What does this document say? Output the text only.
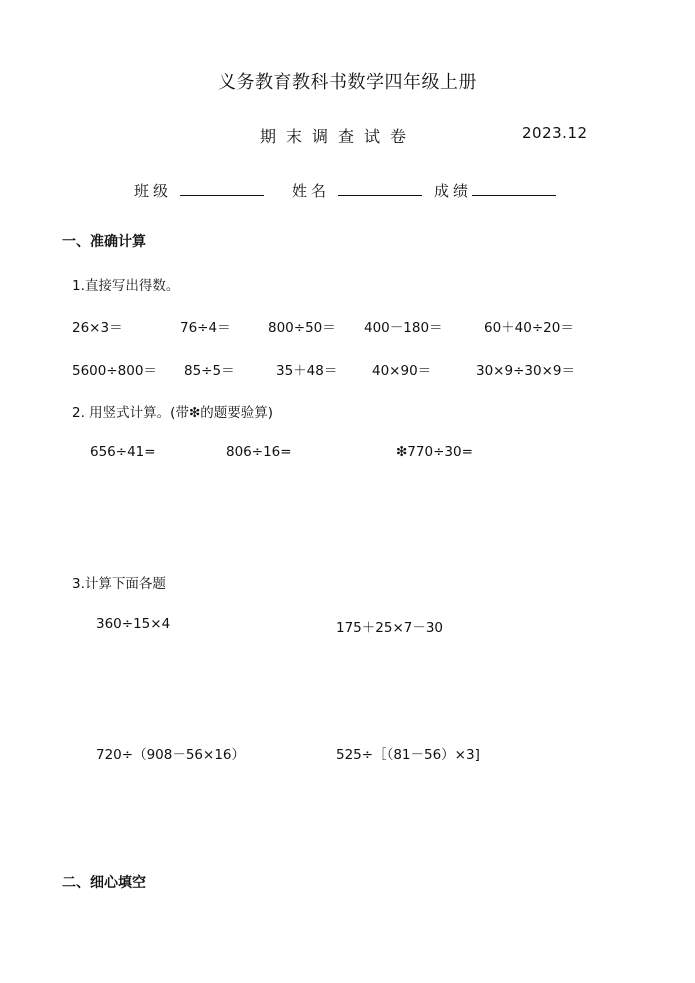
义务教育教科书数学四年级上册
期末调查试卷	2023.12
班级	姓名	成绩
一、准确计算
1.直接写出得数。
26×3＝	76÷4＝	800÷50＝ 400－180＝	60＋40÷20＝
5600÷800＝ 85÷5＝	35＋48＝	40×90＝	30×9÷30×9＝
2. 用竖式计算。(带❇的题要验算)
656÷41=	806÷16=	❇770÷30=
3.计算下面各题
360÷15×4	175＋25×7－30
720÷（908－56×16）	525÷［（81－56）×3]
二、细心填空
